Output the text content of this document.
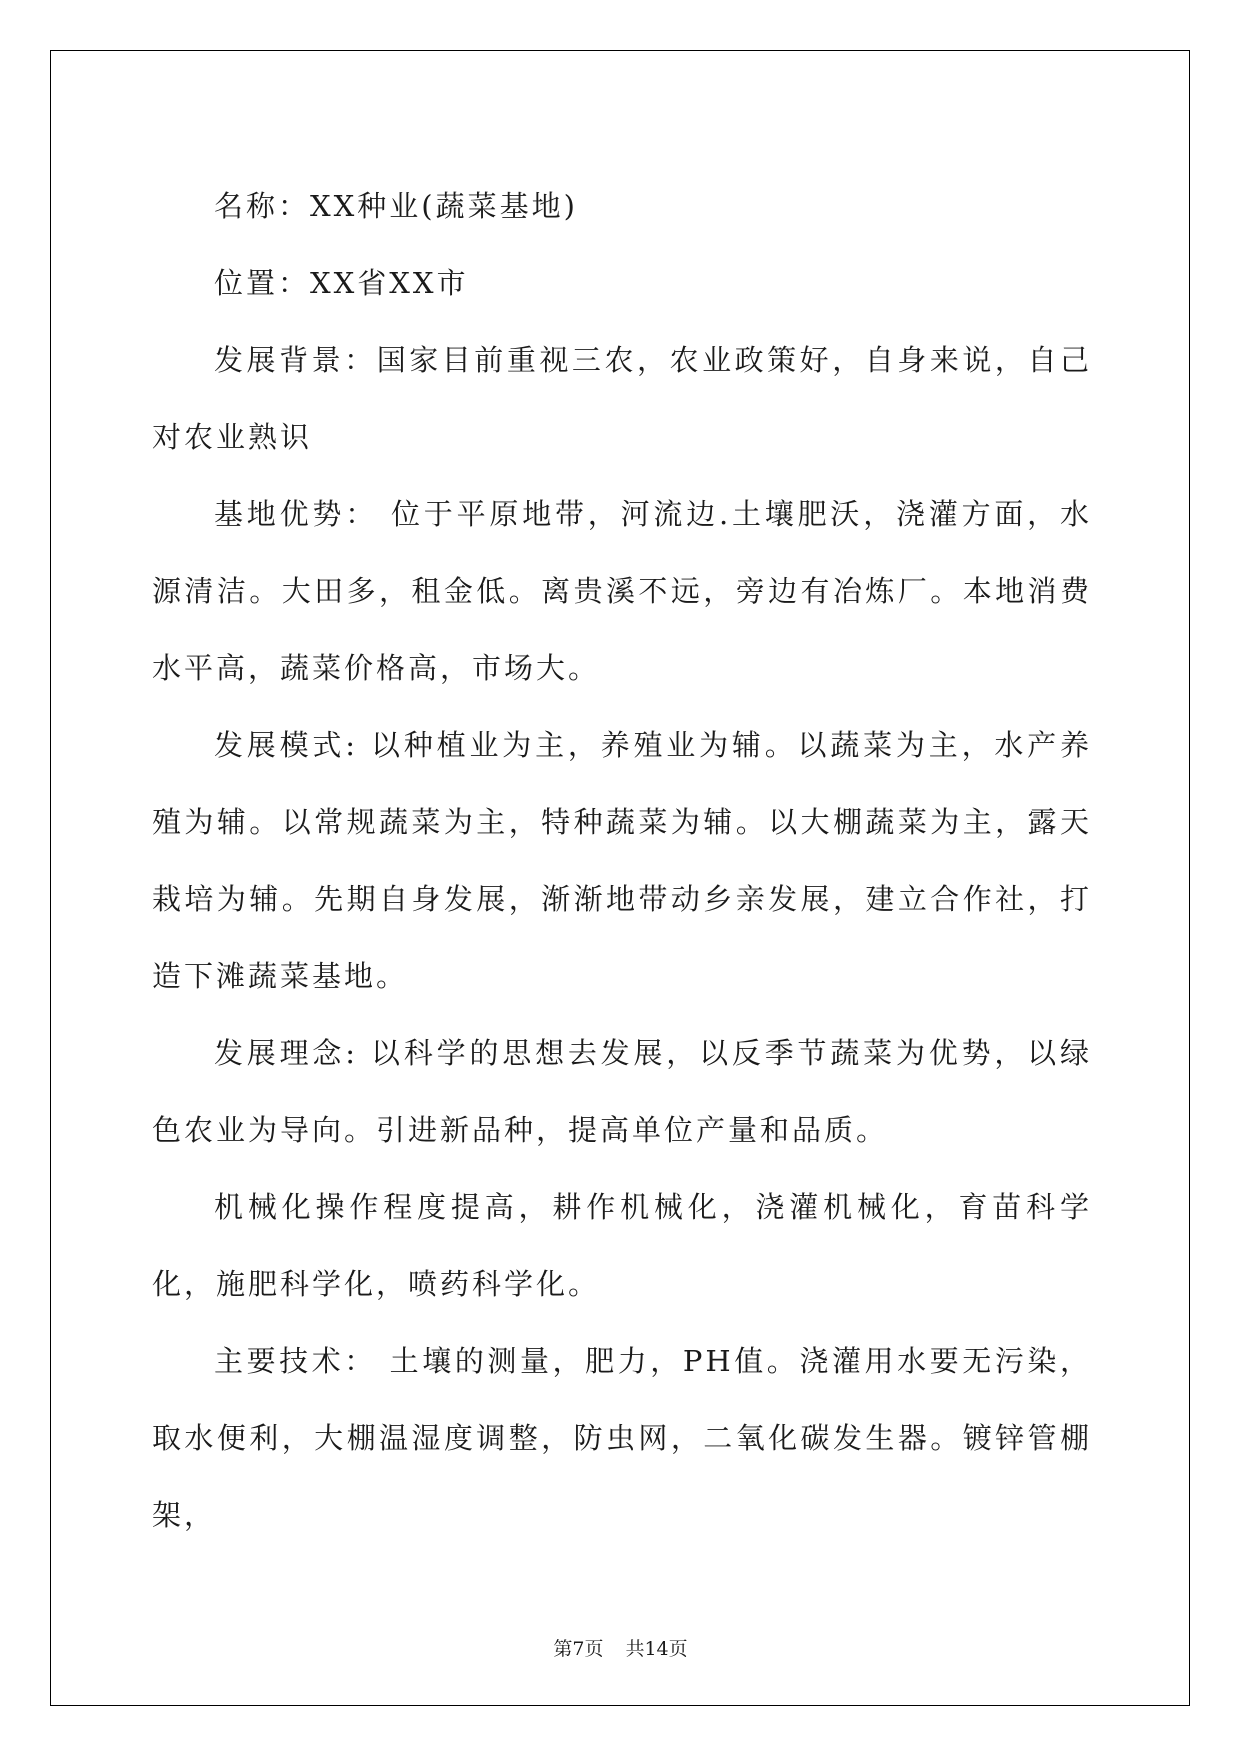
名称：XX种业(蔬菜基地)

位置：XX省XX市

发展背景：国家目前重视三农，农业政策好，自身来说，自己对农业熟识

基地优势： 位于平原地带，河流边.土壤肥沃，浇灌方面，水源清洁。大田多，租金低。离贵溪不远，旁边有冶炼厂。本地消费水平高，蔬菜价格高，市场大。

发展模式: 以种植业为主，养殖业为辅。以蔬菜为主，水产养殖为辅。以常规蔬菜为主，特种蔬菜为辅。以大棚蔬菜为主，露天栽培为辅。先期自身发展，渐渐地带动乡亲发展，建立合作社，打造下滩蔬菜基地。

发展理念: 以科学的思想去发展，以反季节蔬菜为优势，以绿色农业为导向。引进新品种，提高单位产量和品质。

机械化操作程度提高，耕作机械化，浇灌机械化，育苗科学化，施肥科学化，喷药科学化。

主要技术： 土壤的测量，肥力，PH值。浇灌用水要无污染，取水便利，大棚温湿度调整，防虫网，二氧化碳发生器。镀锌管棚架，

第7页 共14页
